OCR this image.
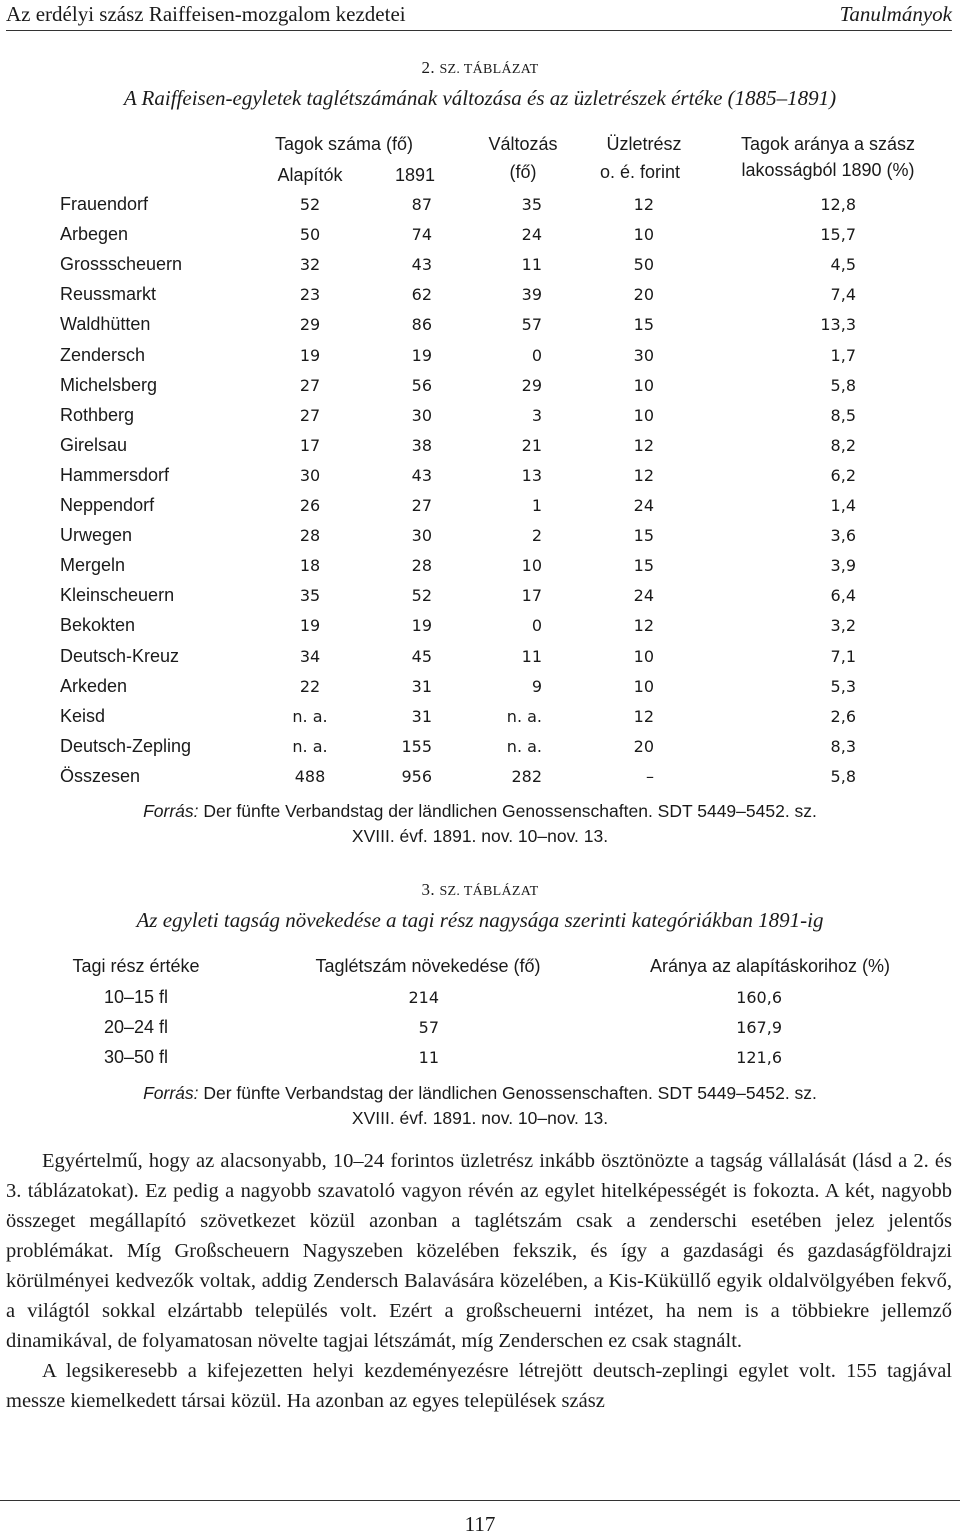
Az erdélyi szász Raiffeisen-mozgalom kezdetei	Tanulmányok
2. SZ. TÁBLÁZAT
A Raiffeisen-egyletek taglétszámának változása és az üzletrészek értéke (1885–1891)
Tagok száma (fő)
Alapítók	1891
Változás
(fő)
Üzletrész
o. é. forint
Tagok aránya a szász
lakosságból 1890 (%)
Frauendorf	52	87	35	12	12,8
Arbegen	50	74	24	10	15,7
Grossscheuern	32	43	11	50	4,5
Reussmarkt	23	62	39	20	7,4
Waldhütten	29	86	57	15	13,3
Zendersch	19	19	0	30	1,7
Michelsberg	27	56	29	10	5,8
Rothberg	27	30	3	10	8,5
Girelsau	17	38	21	12	8,2
Hammersdorf	30	43	13	12	6,2
Neppendorf	26	27	1	24	1,4
Urwegen	28	30	2	15	3,6
Mergeln	18	28	10	15	3,9
Kleinscheuern	35	52	17	24	6,4
Bekokten	19	19	0	12	3,2
Deutsch-Kreuz	34	45	11	10	7,1
Arkeden	22	31	9	10	5,3
Keisd	n. a.	31	n. a.	12	2,6
Deutsch-Zepling	n. a.	155	n. a.	20	8,3
Összesen	488	956	282	–	5,8
Forrás: Der fünfte Verbandstag der ländlichen Genossenschaften. SDT 5449–5452. sz.
XVIII. évf. 1891. nov. 10–nov. 13.
3. SZ. TÁBLÁZAT
Az egyleti tagság növekedése a tagi rész nagysága szerinti kategóriákban 1891-ig
Tagi rész értéke	Taglétszám növekedése (fő)	Aránya az alapításkorihoz (%)
10–15 fl	214	160,6
20–24 fl	57	167,9
30–50 fl	11	121,6
Forrás: Der fünfte Verbandstag der ländlichen Genossenschaften. SDT 5449–5452. sz.
XVIII. évf. 1891. nov. 10–nov. 13.

Egyértelmű, hogy az alacsonyabb, 10–24 forintos üzletrész inkább ösztönözte a tagság vállalását (lásd a 2. és 3. táblázatokat). Ez pedig a nagyobb szavatoló vagyon révén az egylet hitelképességét is fokozta. A két, nagyobb összeget megállapító szövetkezet közül azonban a taglétszám csak a zenderschi esetében jelez jelentős problémákat. Míg Großscheuern Nagyszeben közelében fekszik, és így a gazdasági és gazdaságföldrajzi körülményei kedvezők voltak, addig Zendersch Balavására közelében, a Kis-Küküllő egyik oldalvölgyében fekvő, a világtól sokkal elzártabb település volt. Ezért a großscheuerni intézet, ha nem is a többiekre jellemző dinamikával, de folyamatosan növelte tagjai létszámát, míg Zenderschen ez csak stagnált.

A legsikeresebb a kifejezetten helyi kezdeményezésre létrejött deutsch-zeplingi egylet volt. 155 tagjával messze kiemelkedett társai közül. Ha azonban az egyes települések szász

117
